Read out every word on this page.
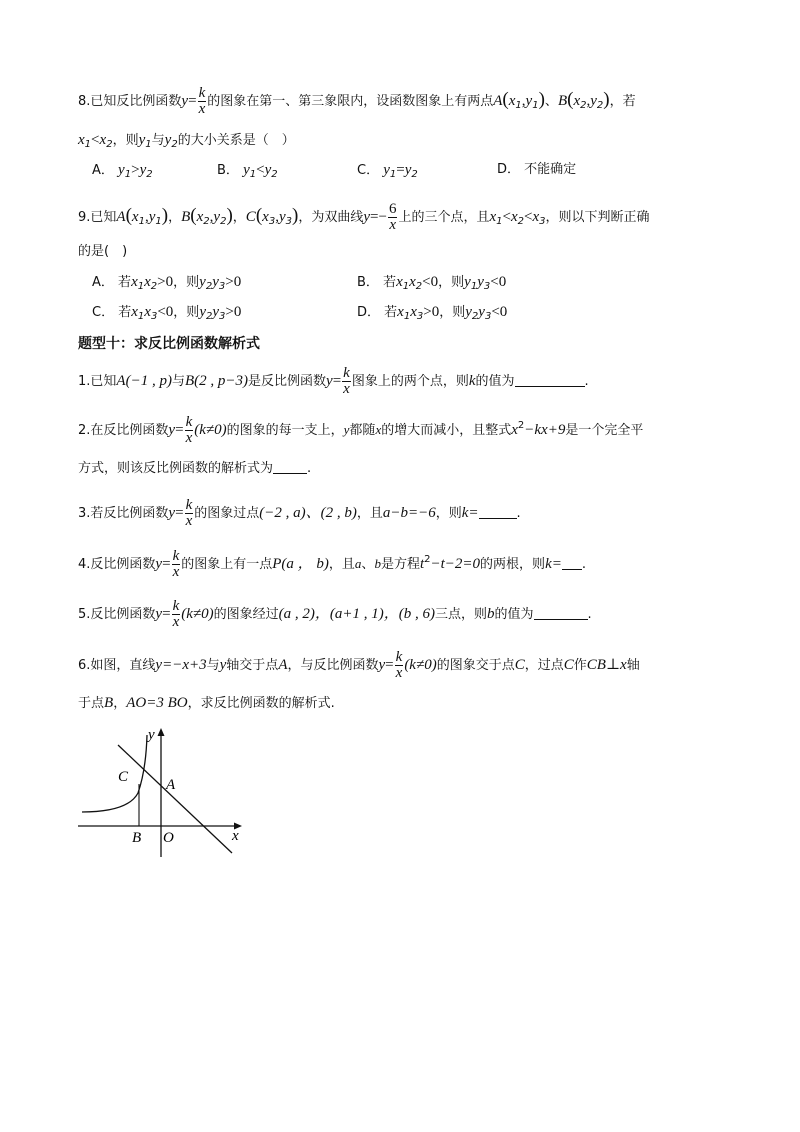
8.已知反比例函数$y= \frac{k}{x}$ 的图象在第一、第三象限内，设函数图象上有两点$A(x_1,y_1)$、$B(x_2,y_2)$，若
$x_1<x_2$，则$y_1$与$y_2$的大小关系是（　）
A． $y_1>y_2$	B． $y_1<y_2$	C． $y_1=y_2$	D． 不能确定
9.已知$A(x_1,y_1)$，$B(x_2,y_2)$，$C(x_3,y_3)$，为双曲线$y=- \frac{6}{x}$ 上的三个点，且$x_1<x_2<x_3$，则以下判断正确
的是(　)
A． 若$x_1x_2>0$，则$y_2y_3>0$	B． 若$x_1x_2<0$，则$y_1y_3<0$
C． 若$x_1x_3<0$，则$y_2y_3>0$	D． 若$x_1x_3>0$，则$y_2y_3<0$
题型十：求反比例函数解析式
1.已知A(−1 , p)与B(2 , p−3)是反比例函数$y= \frac{k}{x}$ 图象上的两个点，则k的值为	.
2.在反比例函数$y= \frac{k}{x} (k\ne 0)$的图象的每一支上，y都随x的增大而减小，且整式$x^2-kx+9$是一个完全平
方式，则该反比例函数的解析式为	.
3.若反比例函数$y= \frac{k}{x}$ 的图象过点(−2 , a)、(2 , b)，且a−b=−6，则k=	.
4.反比例函数$y= \frac{k}{x}$ 的图象上有一点P(a ， b)，且a、b是方程$t^2-t-2=0$的两根，则k= .
5.反比例函数$y= \frac{k}{x} (k\ne 0)$的图象经过(a , 2)，(a+1 , 1)，(b , 6)三点，则b的值为	.
6.如图，直线y=−x+3与y轴交于点A，与反比例函数$y= \frac{k}{x} (k\ne 0)$的图象交于点C，过点C作CB⊥x轴
于点B，AO=3 BO，求反比例函数的解析式.
y
x
C	A
B O
